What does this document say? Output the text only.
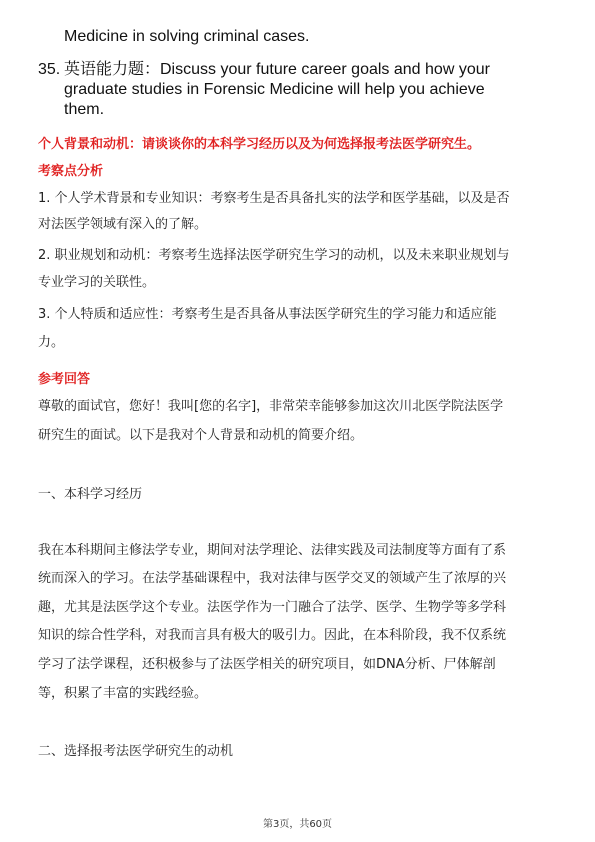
Medicine in solving criminal cases.
35. 英语能力题：Discuss your future career goals and how your
graduate studies in Forensic Medicine will help you achieve
them.
个人背景和动机：请谈谈你的本科学习经历以及为何选择报考法医学研究生。
考察点分析
1. 个人学术背景和专业知识：考察考生是否具备扎实的法学和医学基础，以及是否
对法医学领域有深入的了解。
2. 职业规划和动机：考察考生选择法医学研究生学习的动机，以及未来职业规划与
专业学习的关联性。
3. 个人特质和适应性：考察考生是否具备从事法医学研究生的学习能力和适应能
力。
参考回答
尊敬的面试官，您好！我叫[您的名字]，非常荣幸能够参加这次川北医学院法医学
研究生的面试。以下是我对个人背景和动机的简要介绍。
一、本科学习经历
我在本科期间主修法学专业，期间对法学理论、法律实践及司法制度等方面有了系
统而深入的学习。在法学基础课程中，我对法律与医学交叉的领域产生了浓厚的兴
趣，尤其是法医学这个专业。法医学作为一门融合了法学、医学、生物学等多学科
知识的综合性学科，对我而言具有极大的吸引力。因此，在本科阶段，我不仅系统
学习了法学课程，还积极参与了法医学相关的研究项目，如DNA分析、尸体解剖
等，积累了丰富的实践经验。
二、选择报考法医学研究生的动机
第3页，共60页
